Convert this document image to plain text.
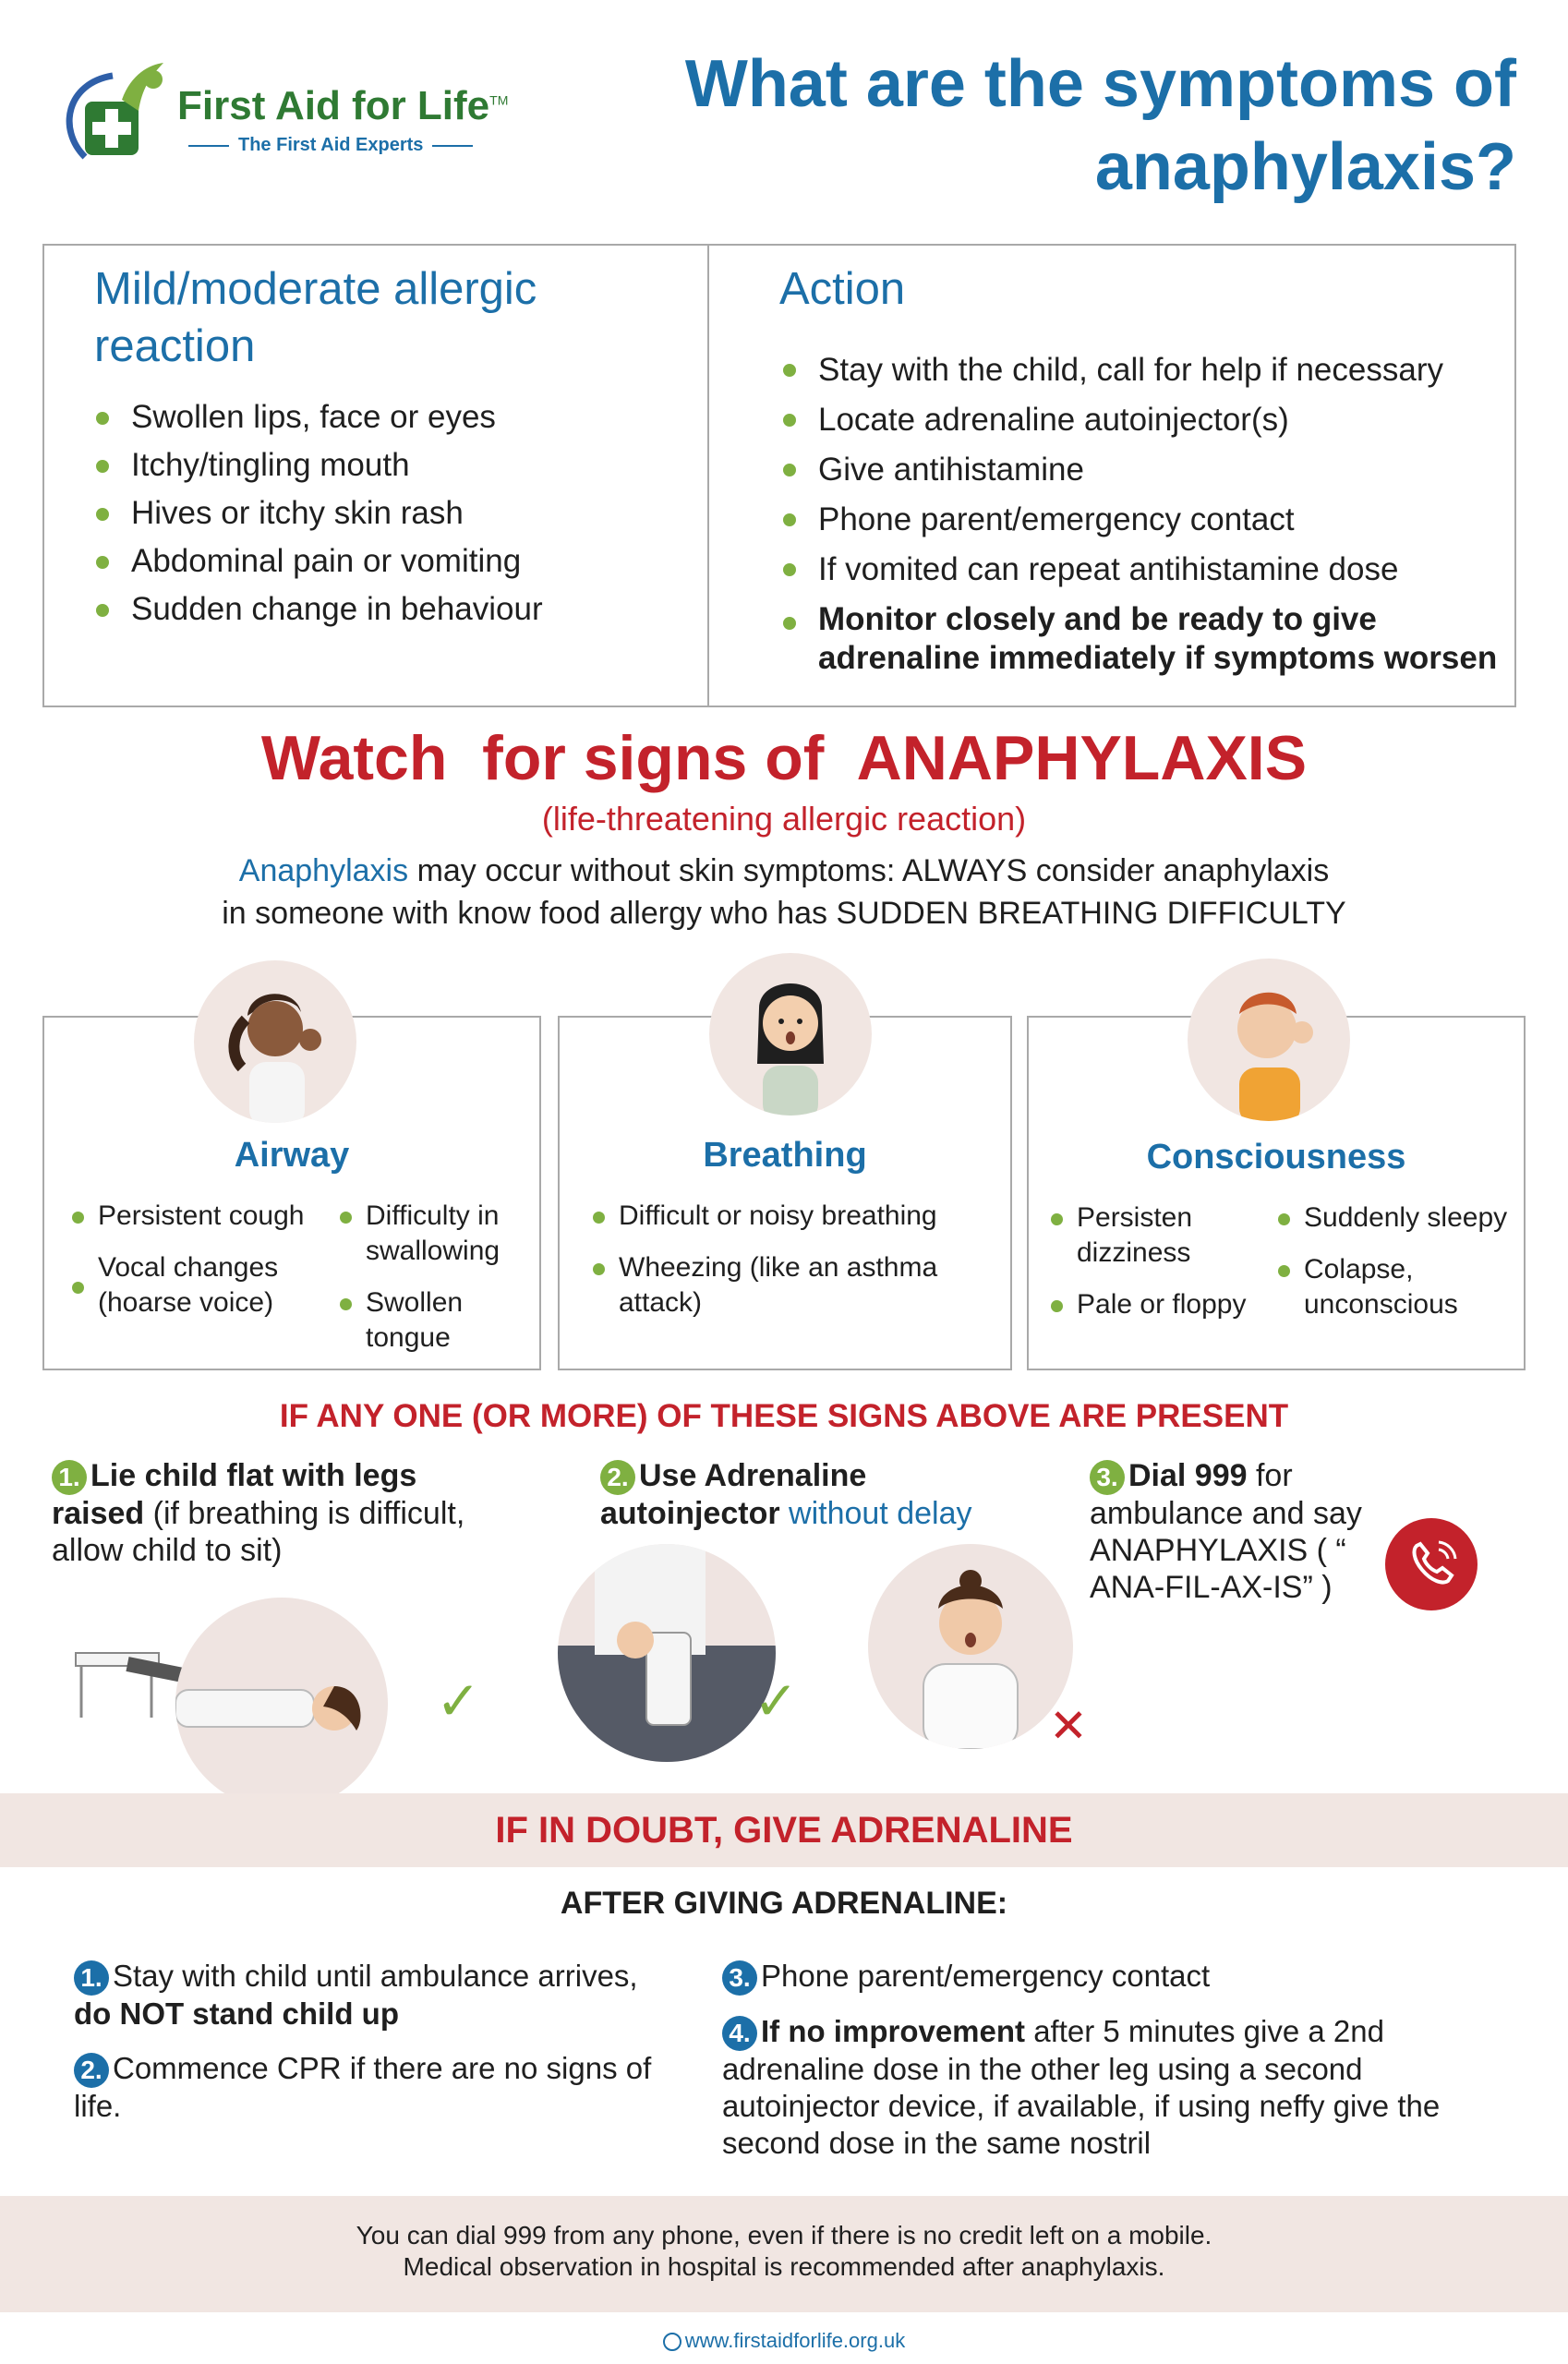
First Aid for Life™
The First Aid Experts
What are the symptoms of
anaphylaxis?
Mild/moderate allergic reaction
Swollen lips, face or eyes
Itchy/tingling mouth
Hives or itchy skin rash
Abdominal pain or vomiting
Sudden change in behaviour
Action
Stay with the child, call for help if necessary
Locate adrenaline autoinjector(s)
Give antihistamine
Phone parent/emergency contact
If vomited can repeat antihistamine dose
Monitor closely and be ready to give
adrenaline immediately if symptoms worsen
Watch  for signs of  ANAPHYLAXIS
(life-threatening allergic reaction)
Anaphylaxis may occur without skin symptoms: ALWAYS consider anaphylaxis
in someone with know food allergy who has SUDDEN BREATHING DIFFICULTY
Airway
Persistent cough
Vocal changes (hoarse voice)
Difficulty in swallowing
Swollen tongue
Breathing
Difficult or noisy breathing
Wheezing (like an asthma attack)
Consciousness
Persisten dizziness
Pale or floppy
Suddenly sleepy
Colapse, unconscious
IF ANY ONE (OR MORE) OF THESE SIGNS ABOVE ARE PRESENT
1. Lie child flat with legs raised (if breathing is difficult, allow child to sit)
2. Use Adrenaline autoinjector without delay
3. Dial 999 for ambulance and say ANAPHYLAXIS ( “ ANA-FIL-AX-IS” )
✓	✓	✕
IF IN DOUBT, GIVE ADRENALINE
AFTER GIVING ADRENALINE:
1. Stay with child until ambulance arrives, do NOT stand child up
2. Commence CPR if there are no signs of life.
3. Phone parent/emergency contact
4. If no improvement after 5 minutes give a 2nd adrenaline dose in the other leg using a second autoinjector device, if available, if using neffy give the second dose in the same nostril
You can dial 999 from any phone, even if there is no credit left on a mobile.
Medical observation in hospital is recommended after anaphylaxis.
www.firstaidforlife.org.uk
